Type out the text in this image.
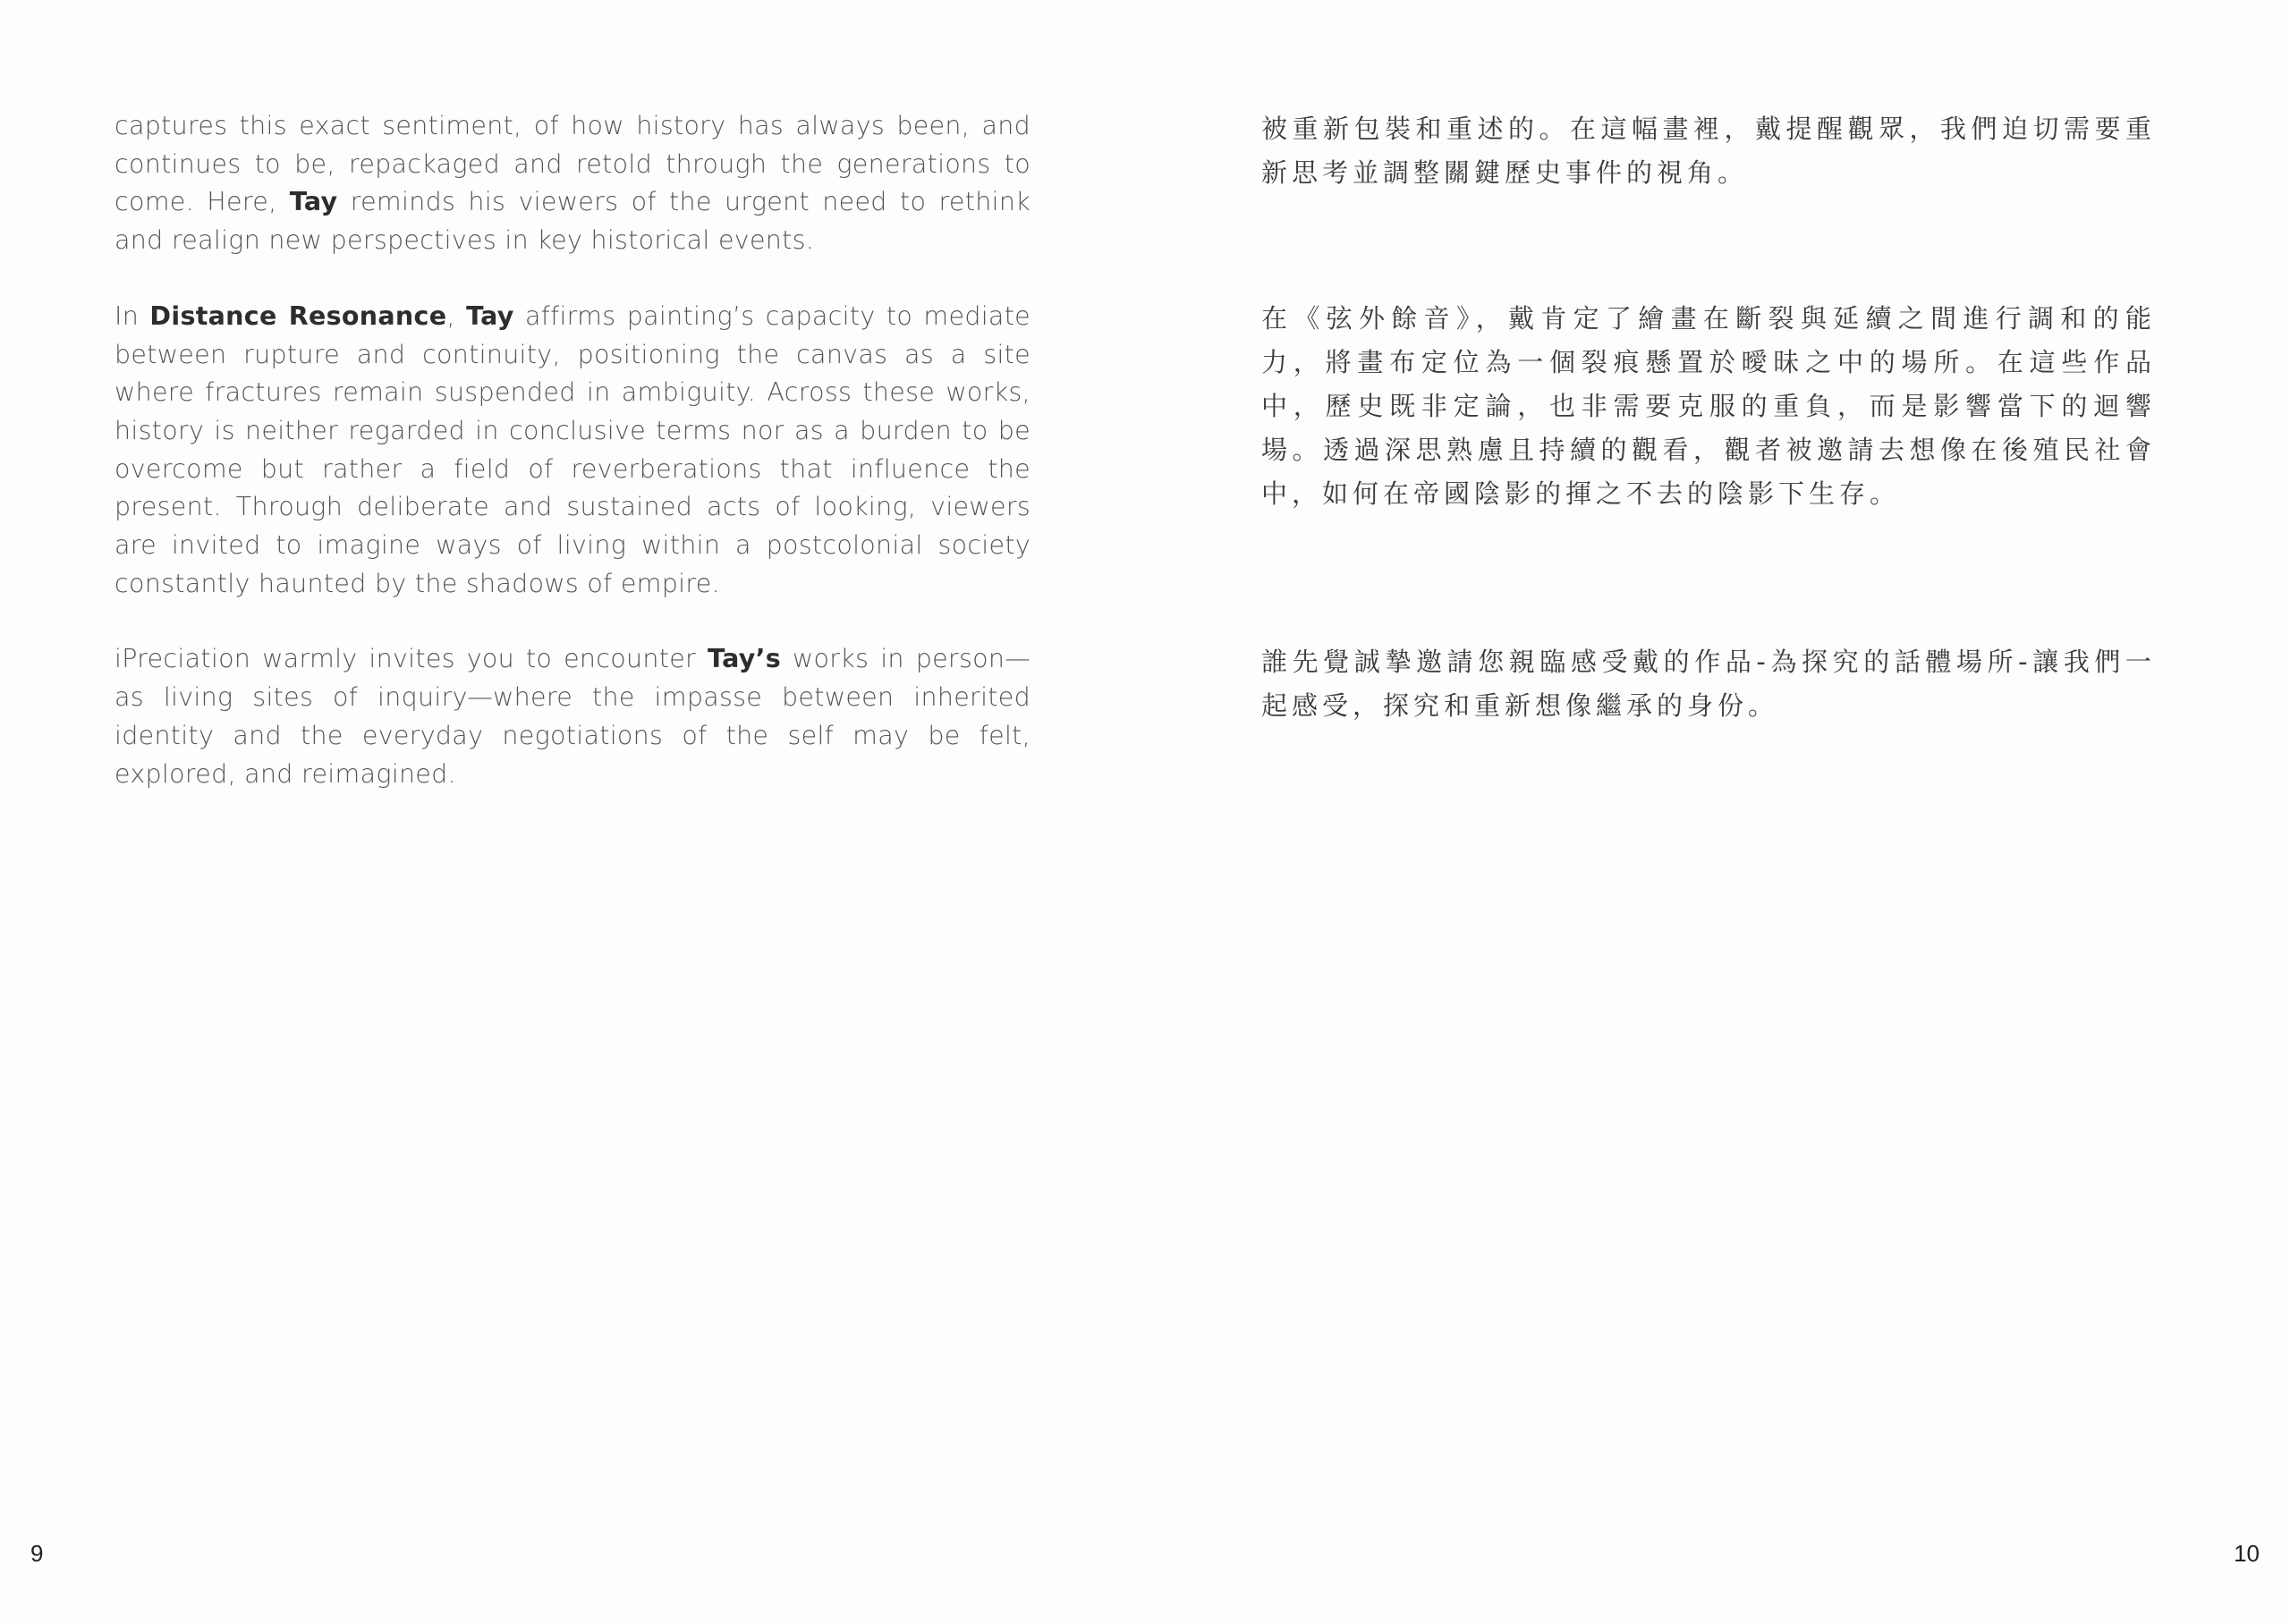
captures this exact sentiment, of how history has always been, and continues to be, repackaged and retold through the generations to come. Here, Tay reminds his viewers of the urgent need to rethink and realign new perspectives in key historical events.

In Distance Resonance, Tay affirms painting’s capacity to mediate between rupture and continuity, positioning the canvas as a site where fractures remain suspended in ambiguity. Across these works, history is neither regarded in conclusive terms nor as a burden to be overcome but rather a field of reverberations that influence the present. Through deliberate and sustained acts of looking, viewers are invited to imagine ways of living within a postcolonial society constantly haunted by the shadows of empire.

iPreciation warmly invites you to encounter Tay’s works in person—as living sites of inquiry—where the impasse between inherited identity and the everyday negotiations of the self may be felt, explored, and reimagined.

9

被重新包裝和重述的。在這幅畫裡，戴提醒觀眾，我們迫切需要重新思考並調整關鍵歷史事件的視角。

在《弦外餘音》，戴肯定了繪畫在斷裂與延續之間進行調和的能力，將畫布定位為一個裂痕懸置於曖昧之中的場所。在這些作品中，歷史既非定論，也非需要克服的重負，而是影響當下的迴響場。透過深思熟慮且持續的觀看，觀者被邀請去想像在後殖民社會中，如何在帝國陰影的揮之不去的陰影下生存。

誰先覺誠摯邀請您親臨感受戴的作品-為探究的話體場所-讓我們一起感受，探究和重新想像繼承的身份。

10
